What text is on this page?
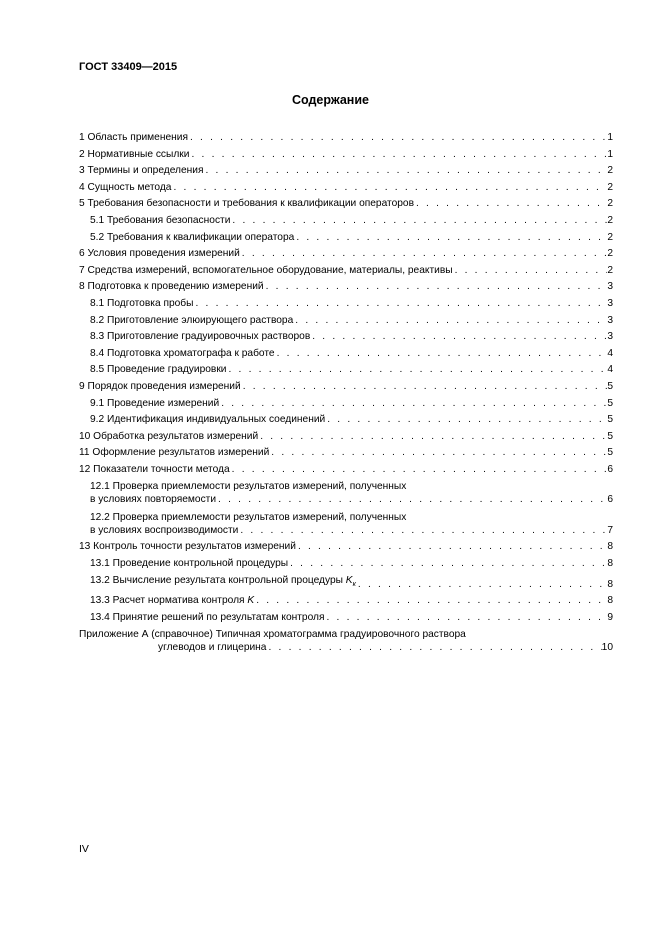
ГОСТ 33409—2015
Содержание
1 Область применения . . .	1
2 Нормативные ссылки . . .	1
3 Термины и определения . . .	2
4 Сущность метода . . .	2
5 Требования безопасности и требования к квалификации операторов . . .	2
5.1 Требования безопасности . . .	2
5.2 Требования к квалификации оператора . . .	2
6 Условия проведения измерений . . .	2
7 Средства измерений, вспомогательное оборудование, материалы, реактивы . . .	2
8 Подготовка к проведению измерений . . .	3
8.1 Подготовка пробы . . .	3
8.2 Приготовление элюирующего раствора . . .	3
8.3 Приготовление градуировочных растворов . . .	3
8.4 Подготовка хроматографа к работе . . .	4
8.5 Проведение градуировки . . .	4
9 Порядок проведения измерений . . .	5
9.1 Проведение измерений . . .	5
9.2 Идентификация индивидуальных соединений . . .	5
10 Обработка результатов измерений . . .	5
11 Оформление результатов измерений . . .	5
12 Показатели точности метода . . .	6
12.1 Проверка приемлемости результатов измерений, полученных
в условиях повторяемости . . .	6
12.2 Проверка приемлемости результатов измерений, полученных
в условиях воспроизводимости . . .	7
13 Контроль точности результатов измерений . . .	8
13.1 Проведение контрольной процедуры . . .	8
13.2 Вычисление результата контрольной процедуры $K_к$ . . .	8
13.3 Расчет норматива контроля K . . .	8
13.4 Принятие решений по результатам контроля . . .	9
Приложение А (справочное) Типичная хроматограмма градуировочного раствора
углеводов и глицерина . . .	10
IV
